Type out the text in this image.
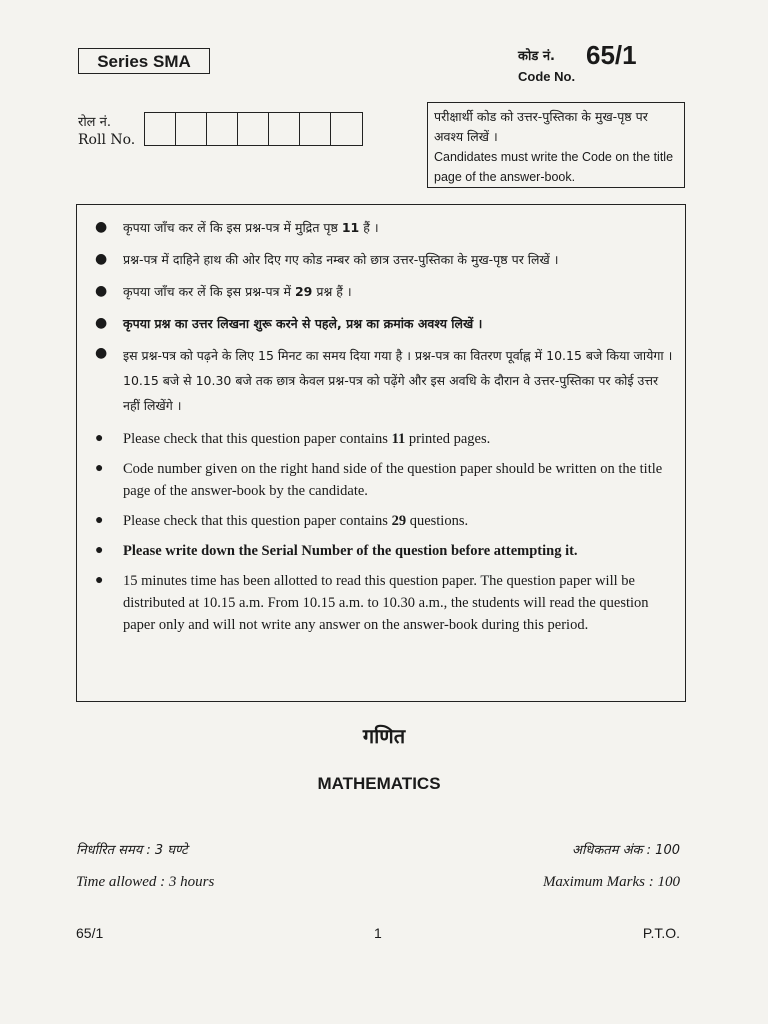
Series SMA	कोड नं. 65/1
Code No.
रोल नं.
Roll No.
परीक्षार्थी कोड को उत्तर-पुस्तिका के मुख-पृष्ठ पर अवश्य लिखें ।
Candidates must write the Code on the title page of the answer-book.
● कृपया जाँच कर लें कि इस प्रश्न-पत्र में मुद्रित पृष्ठ 11 हैं ।
● प्रश्न-पत्र में दाहिने हाथ की ओर दिए गए कोड नम्बर को छात्र उत्तर-पुस्तिका के मुख-पृष्ठ पर लिखें ।
● कृपया जाँच कर लें कि इस प्रश्न-पत्र में 29 प्रश्न हैं ।
● कृपया प्रश्न का उत्तर लिखना शुरू करने से पहले, प्रश्न का क्रमांक अवश्य लिखें ।
● इस प्रश्न-पत्र को पढ़ने के लिए 15 मिनट का समय दिया गया है । प्रश्न-पत्र का वितरण पूर्वाह्न में 10.15 बजे किया जायेगा । 10.15 बजे से 10.30 बजे तक छात्र केवल प्रश्न-पत्र को पढ़ेंगे और इस अवधि के दौरान वे उत्तर-पुस्तिका पर कोई उत्तर नहीं लिखेंगे ।
● Please check that this question paper contains 11 printed pages.
● Code number given on the right hand side of the question paper should be written on the title page of the answer-book by the candidate.
● Please check that this question paper contains 29 questions.
● Please write down the Serial Number of the question before attempting it.
● 15 minutes time has been allotted to read this question paper. The question paper will be distributed at 10.15 a.m. From 10.15 a.m. to 10.30 a.m., the students will read the question paper only and will not write any answer on the answer-book during this period.
गणित
MATHEMATICS
निर्धारित समय : 3 घण्टे	अधिकतम अंक : 100
Time allowed : 3 hours	Maximum Marks : 100
65/1	1	P.T.O.
